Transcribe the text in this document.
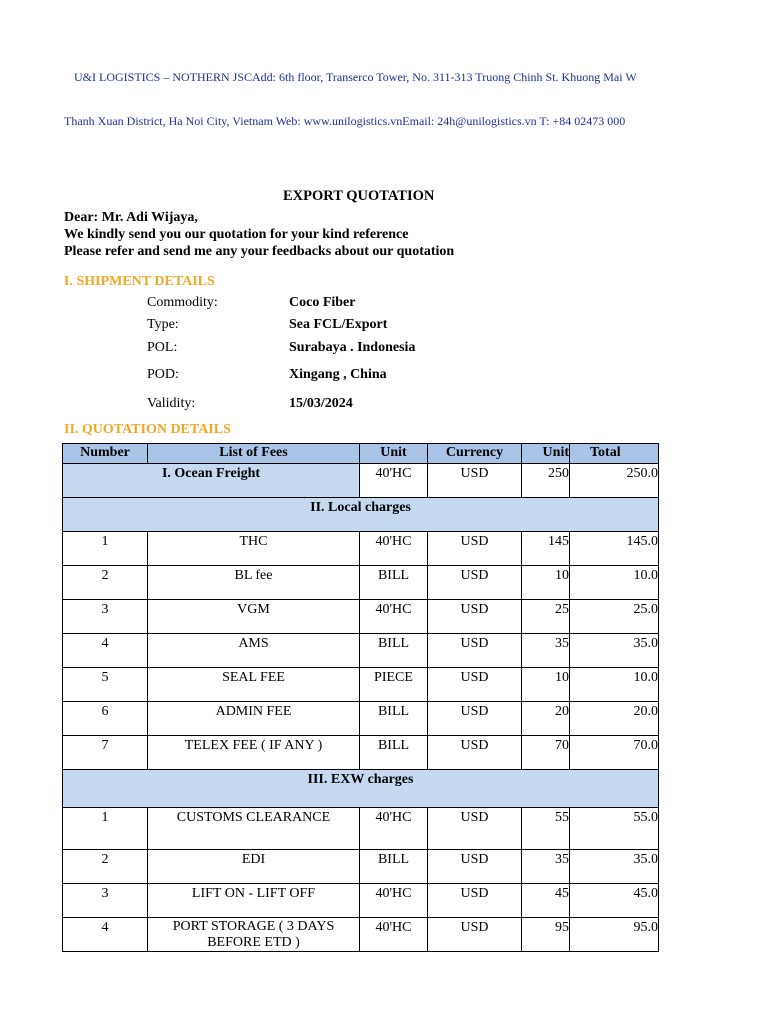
U&I LOGISTICS – NOTHERN JSCAdd: 6th floor, Transerco Tower, No. 311-313 Truong Chinh St. Khuong Mai W
Thanh Xuan District, Ha Noi City, Vietnam Web: www.unilogistics.vnEmail: 24h@unilogistics.vn T: +84 02473 000
EXPORT QUOTATION
Dear: Mr. Adi Wijaya,
We kindly send you our quotation for your kind reference
Please refer and send me any your feedbacks about our quotation
I. SHIPMENT DETAILS
Commodity:	Coco Fiber
Type:	Sea FCL/Export
POL:	Surabaya . Indonesia
POD:	Xingang , China
Validity:	15/03/2024
II. QUOTATION DETAILS
Number	List of Fees	Unit	Currency	Unit	Total
I. Ocean Freight		40'HC	USD	250	250.0
II. Local charges					
1	THC	40'HC	USD	145	145.0
2	BL fee	BILL	USD	10	10.0
3	VGM	40'HC	USD	25	25.0
4	AMS	BILL	USD	35	35.0
5	SEAL FEE	PIECE	USD	10	10.0
6	ADMIN FEE	BILL	USD	20	20.0
7	TELEX FEE ( IF ANY )	BILL	USD	70	70.0
III. EXW charges					
1	CUSTOMS CLEARANCE	40'HC	USD	55	55.0
2	EDI	BILL	USD	35	35.0
3	LIFT ON - LIFT OFF	40'HC	USD	45	45.0
4	PORT STORAGE ( 3 DAYS BEFORE ETD )	40'HC	USD	95	95.0
